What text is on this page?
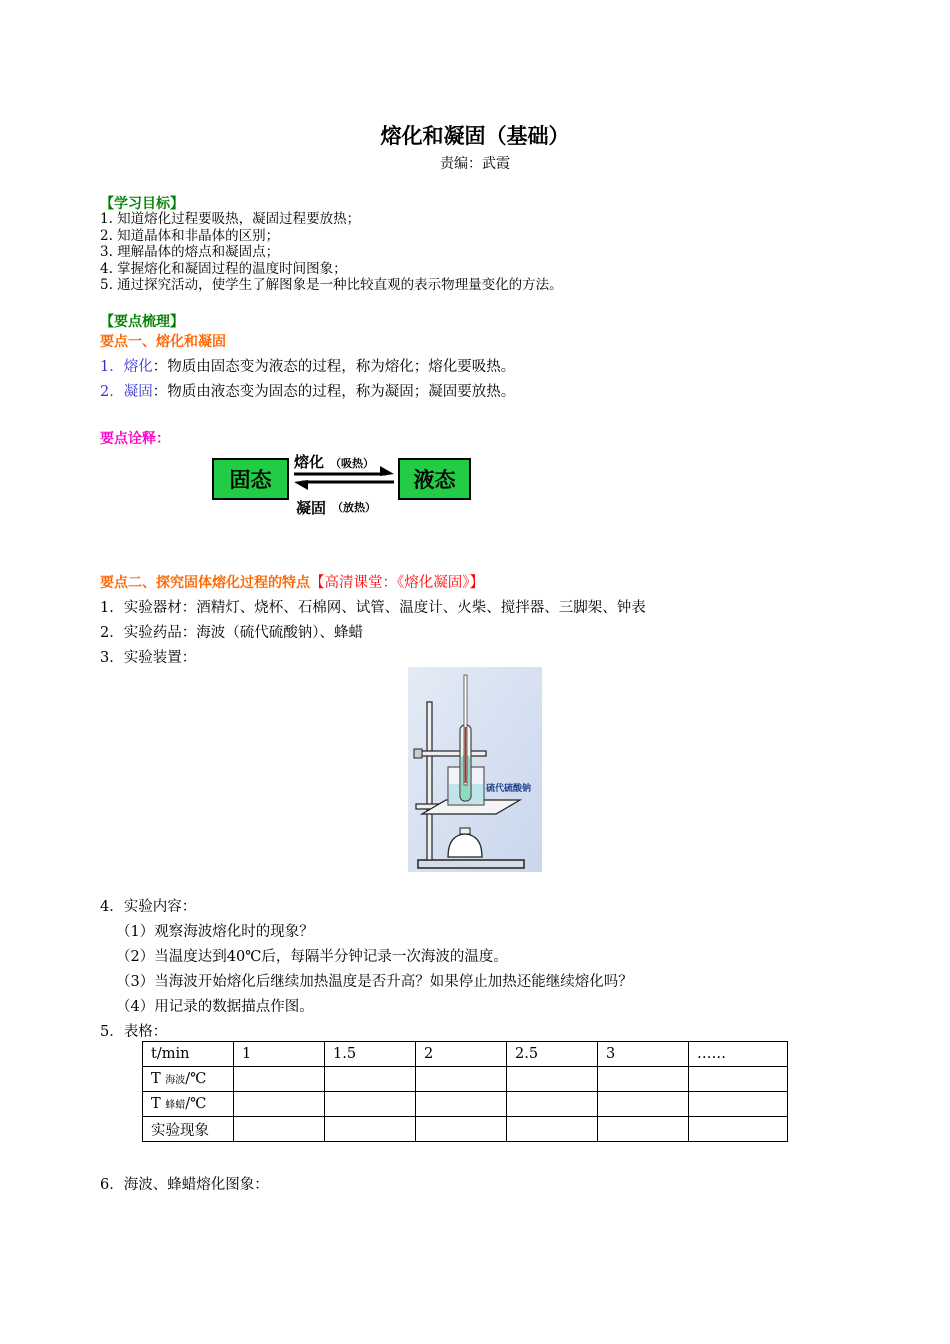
熔化和凝固（基础）
责编：武霞
【学习目标】
1. 知道熔化过程要吸热，凝固过程要放热；
2. 知道晶体和非晶体的区别；
3. 理解晶体的熔点和凝固点；
4. 掌握熔化和凝固过程的温度时间图象；
5. 通过探究活动，使学生了解图象是一种比较直观的表示物理量变化的方法。
【要点梳理】
要点一、熔化和凝固
1．熔化：物质由固态变为液态的过程，称为熔化；熔化要吸热。
2．凝固：物质由液态变为固态的过程，称为凝固；凝固要放热。
要点诠释：
固态	液态
熔化 （吸热）
凝固 （放热）
要点二、探究固体熔化过程的特点【高清课堂：《熔化凝固》】
1．实验器材：酒精灯、烧杯、石棉网、试管、温度计、火柴、搅拌器、三脚架、钟表
2．实验药品：海波（硫代硫酸钠）、蜂蜡
3．实验装置：
硫代硫酸钠
4．实验内容：
（1）观察海波熔化时的现象？
（2）当温度达到40℃后，每隔半分钟记录一次海波的温度。
（3）当海波开始熔化后继续加热温度是否升高？如果停止加热还能继续熔化吗？
（4）用记录的数据描点作图。
5．表格：
t/min	1	1.5	2	2.5	3	……
T 海波/℃						
T 蜂蜡/℃						
实验现象						
6．海波、蜂蜡熔化图象：
